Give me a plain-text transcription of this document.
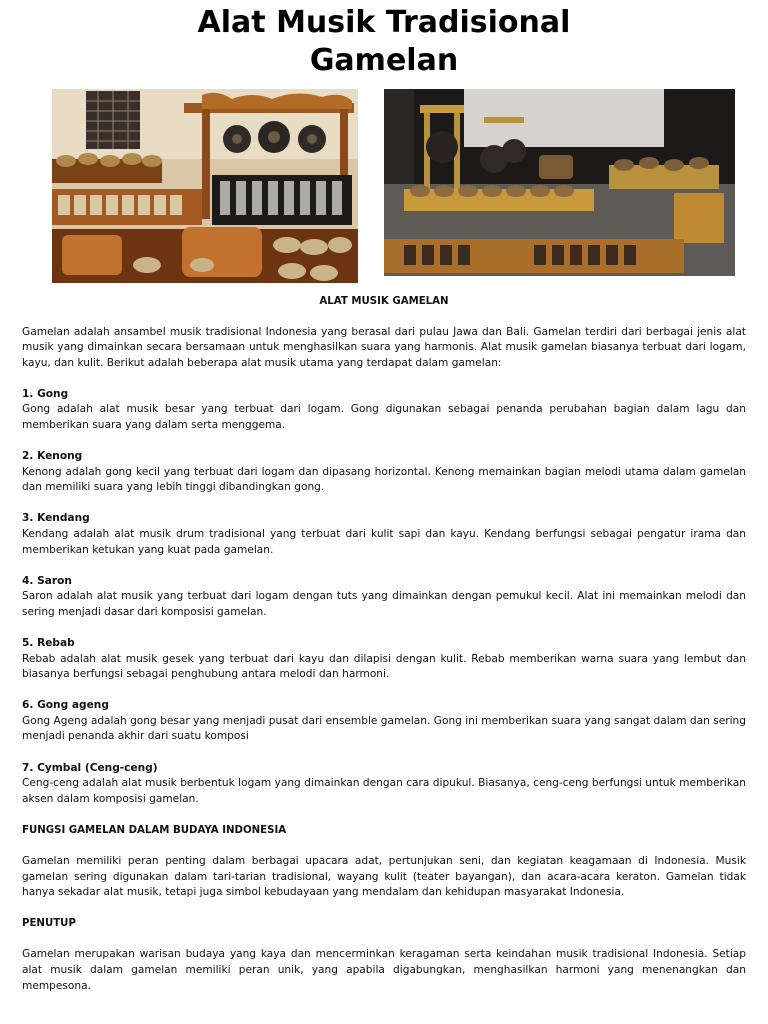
Alat Musik Tradisional
Gamelan
ALAT MUSIK GAMELAN
Gamelan adalah ansambel musik tradisional Indonesia yang berasal dari pulau Jawa dan Bali. Gamelan terdiri dari berbagai jenis alat musik yang dimainkan secara bersamaan untuk menghasilkan suara yang harmonis. Alat musik gamelan biasanya terbuat dari logam, kayu, dan kulit. Berikut adalah beberapa alat musik utama yang terdapat dalam gamelan:
1. Gong
Gong adalah alat musik besar yang terbuat dari logam. Gong digunakan sebagai penanda perubahan bagian dalam lagu dan memberikan suara yang dalam serta menggema.
2. Kenong
Kenong adalah gong kecil yang terbuat dari logam dan dipasang horizontal. Kenong memainkan bagian melodi utama dalam gamelan dan memiliki suara yang lebih tinggi dibandingkan gong.
3. Kendang
Kendang adalah alat musik drum tradisional yang terbuat dari kulit sapi dan kayu. Kendang berfungsi sebagai pengatur irama dan memberikan ketukan yang kuat pada gamelan.
4. Saron
Saron adalah alat musik yang terbuat dari logam dengan tuts yang dimainkan dengan pemukul kecil. Alat ini memainkan melodi dan sering menjadi dasar dari komposisi gamelan.
5. Rebab
Rebab adalah alat musik gesek yang terbuat dari kayu dan dilapisi dengan kulit. Rebab memberikan warna suara yang lembut dan biasanya berfungsi sebagai penghubung antara melodi dan harmoni.
6. Gong ageng
Gong Ageng adalah gong besar yang menjadi pusat dari ensemble gamelan. Gong ini memberikan suara yang sangat dalam dan sering menjadi penanda akhir dari suatu komposi
7. Cymbal (Ceng-ceng)
Ceng-ceng adalah alat musik berbentuk logam yang dimainkan dengan cara dipukul. Biasanya, ceng-ceng berfungsi untuk memberikan aksen dalam komposisi gamelan.
FUNGSI GAMELAN DALAM BUDAYA INDONESIA
Gamelan memiliki peran penting dalam berbagai upacara adat, pertunjukan seni, dan kegiatan keagamaan di Indonesia. Musik gamelan sering digunakan dalam tari-tarian tradisional, wayang kulit (teater bayangan), dan acara-acara keraton. Gamelan tidak hanya sekadar alat musik, tetapi juga simbol kebudayaan yang mendalam dan kehidupan masyarakat Indonesia.
PENUTUP
Gamelan merupakan warisan budaya yang kaya dan mencerminkan keragaman serta keindahan musik tradisional Indonesia. Setiap alat musik dalam gamelan memiliki peran unik, yang apabila digabungkan, menghasilkan harmoni yang menenangkan dan mempesona.
